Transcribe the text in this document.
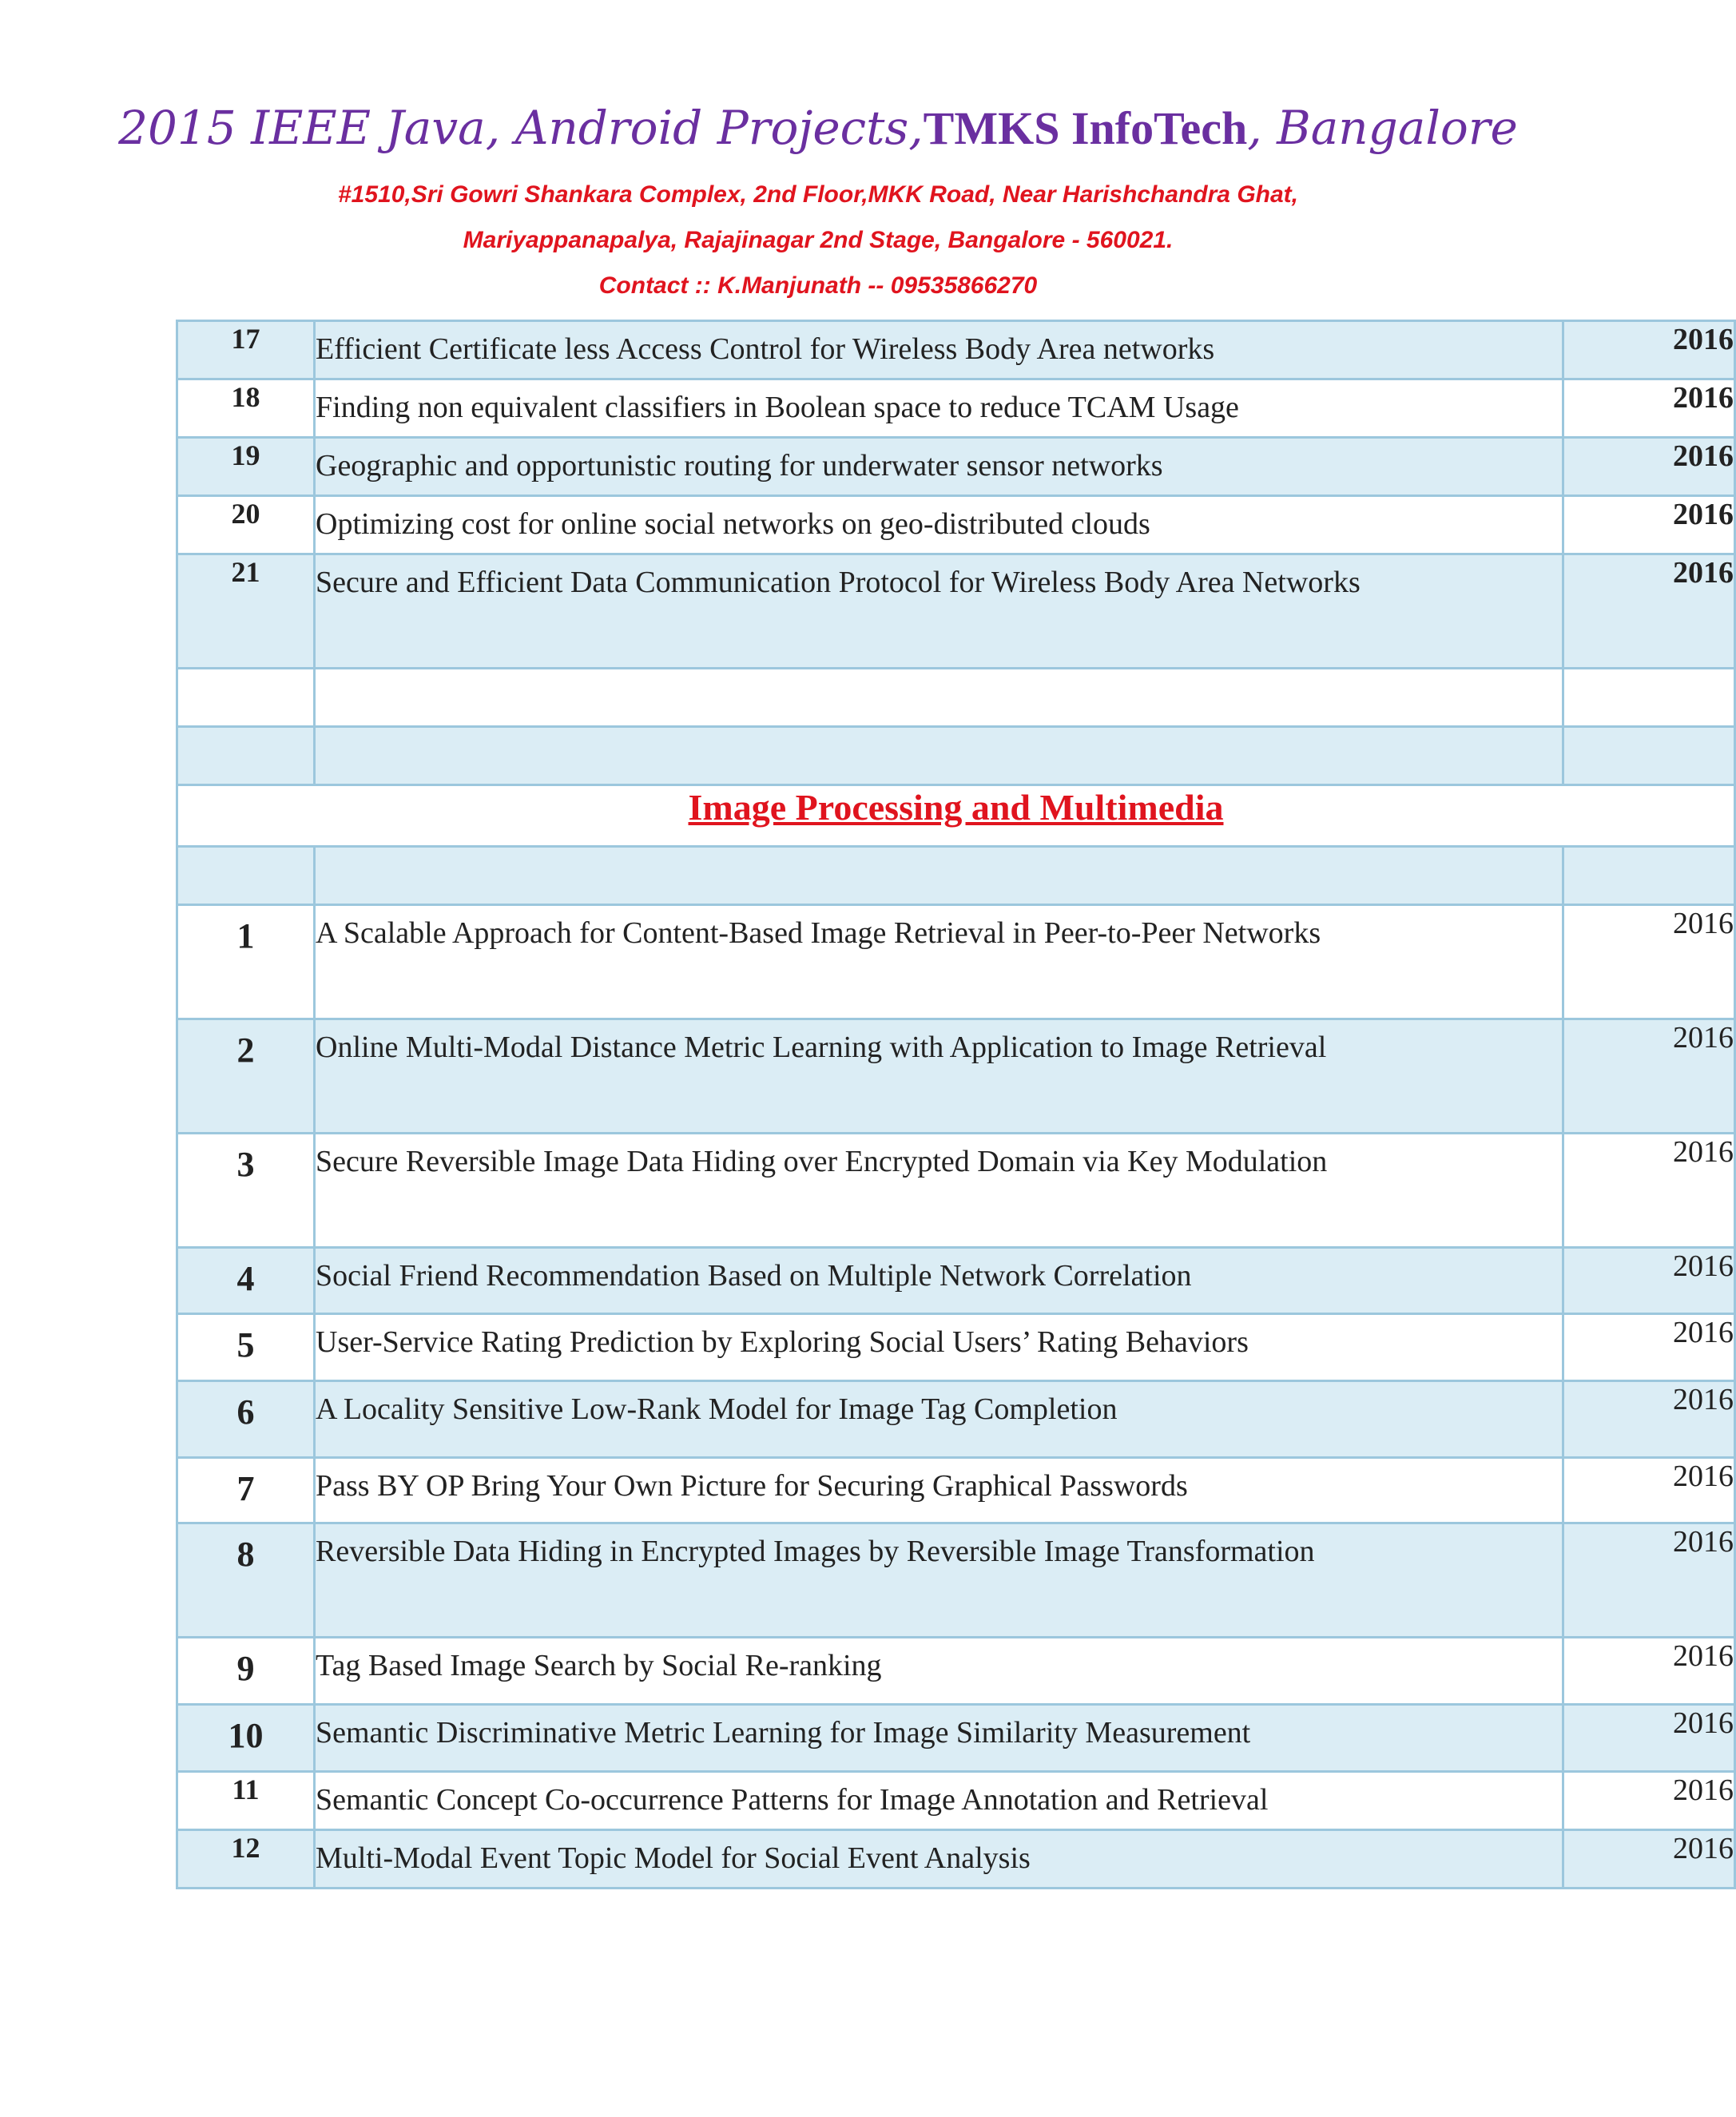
2015 IEEE Java, Android Projects,TMKS InfoTech, Bangalore
#1510,Sri Gowri Shankara Complex, 2nd Floor,MKK Road, Near Harishchandra Ghat,
Mariyappanapalya, Rajajinagar 2nd Stage, Bangalore - 560021.
Contact :: K.Manjunath -- 09535866270
17	Efficient Certificate less Access Control for Wireless Body Area networks	2016
18	Finding non equivalent classifiers in Boolean space to reduce TCAM Usage	2016
19	Geographic and opportunistic routing for underwater sensor networks	2016
20	Optimizing cost for online social networks on geo-distributed clouds	2016
21	Secure and Efficient Data Communication Protocol for Wireless Body Area Networks	2016

Image Processing and Multimedia		

1	A Scalable Approach for Content-Based Image Retrieval in Peer-to-Peer Networks	2016
2	Online Multi-Modal Distance Metric Learning with Application to Image Retrieval	2016
3	Secure Reversible Image Data Hiding over Encrypted Domain via Key Modulation	2016
4	Social Friend Recommendation Based on Multiple Network Correlation	2016
5	User-Service Rating Prediction by Exploring Social Users’ Rating Behaviors	2016
6	A Locality Sensitive Low-Rank Model for Image Tag Completion	2016
7	Pass BY OP Bring Your Own Picture for Securing Graphical Passwords	2016
8	Reversible Data Hiding in Encrypted Images by Reversible Image Transformation	2016
9	Tag Based Image Search by Social Re-ranking	2016
10	Semantic Discriminative Metric Learning for Image Similarity Measurement	2016
11	Semantic Concept Co-occurrence Patterns for Image Annotation and Retrieval	2016
12	Multi-Modal Event Topic Model for Social Event Analysis	2016
